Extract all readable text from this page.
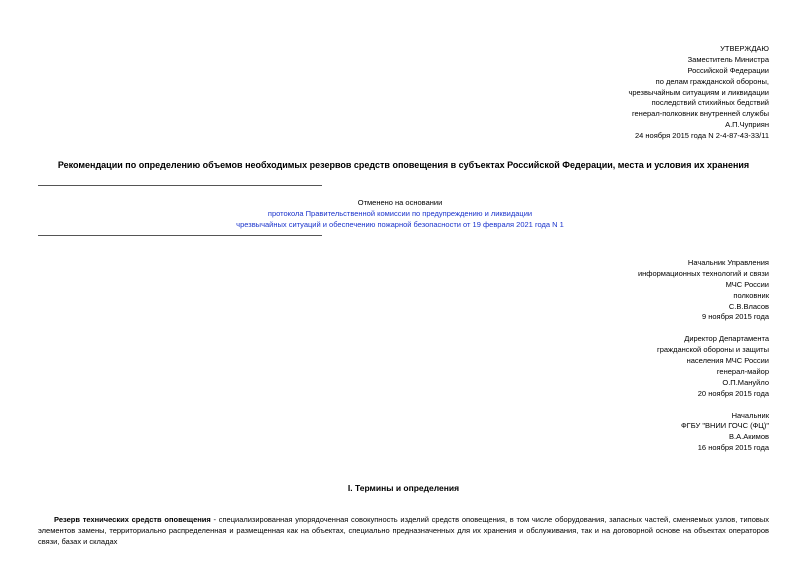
УТВЕРЖДАЮ
Заместитель Министра
Российской Федерации
по делам гражданской обороны,
чрезвычайным ситуациям и ликвидации
последствий стихийных бедствий
генерал-полковник внутренней службы
А.П.Чуприян
24 ноября 2015 года N 2-4-87-43-33/11
Рекомендации по определению объемов необходимых резервов средств оповещения в субъектах Российской Федерации, места и условия их хранения
Отменено на основании
протокола Правительственной комиссии по предупреждению и ликвидации
чрезвычайных ситуаций и обеспечению пожарной безопасности от 19 февраля 2021 года N 1
Начальник Управления
информационных технологий и связи
МЧС России
полковник
С.В.Власов
9 ноября 2015 года
Директор Департамента
гражданской обороны и защиты
населения МЧС России
генерал-майор
О.П.Мануйло
20 ноября 2015 года
Начальник
ФГБУ "ВНИИ ГОЧС (ФЦ)"
В.А.Акимов
16 ноября 2015 года
I. Термины и определения
Резерв технических средств оповещения - специализированная упорядоченная совокупность изделий средств оповещения, в том числе оборудования, запасных частей, сменяемых узлов, типовых элементов замены, территориально распределенная и размещенная как на объектах, специально предназначенных для их хранения и обслуживания, так и на договорной основе на объектах операторов связи, базах и складах
